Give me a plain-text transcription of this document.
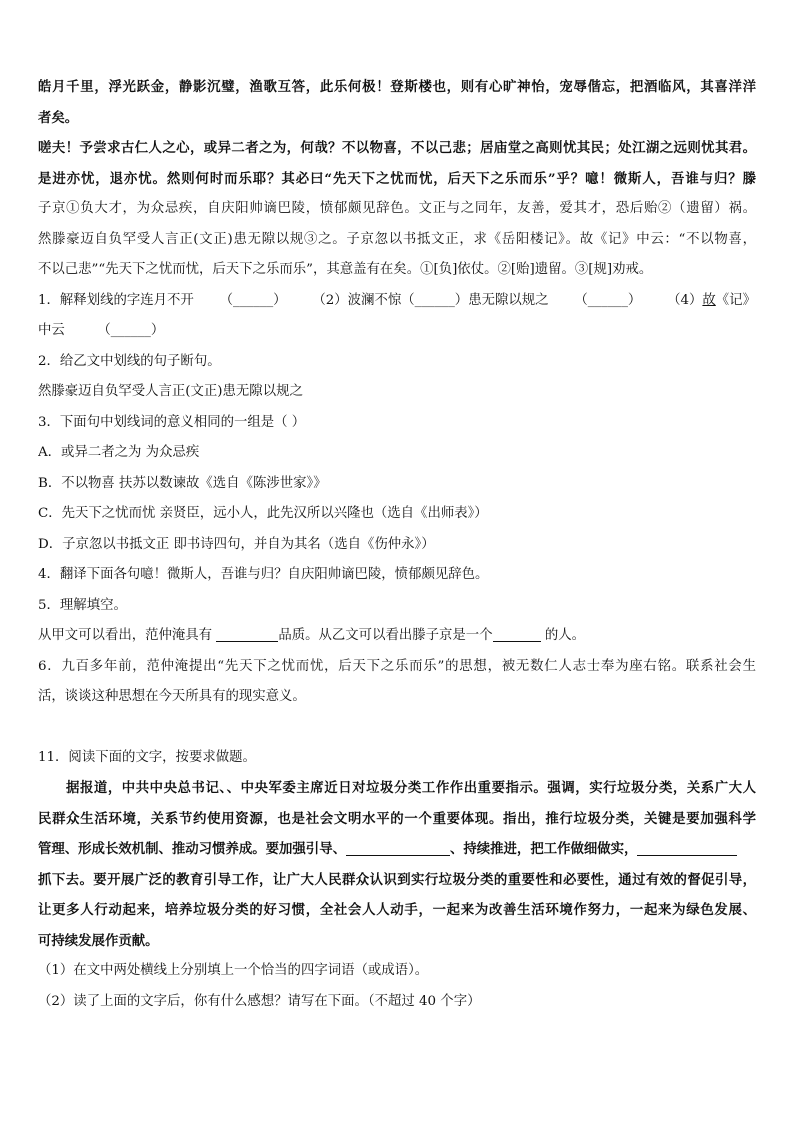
皓月千里，浮光跃金，静影沉璧，渔歌互答，此乐何极！登斯楼也，则有心旷神怡，宠辱偕忘，把酒临风，其喜洋洋
者矣。
嗟夫！予尝求古仁人之心，或异二者之为，何哉？不以物喜，不以己悲；居庙堂之高则忧其民；处江湖之远则忧其君。
是进亦忧，退亦忧。然则何时而乐耶？其必曰“先天下之忧而忧，后天下之乐而乐”乎？噫！微斯人，吾谁与归？滕
子京①负大才，为众忌疾，自庆阳帅谪巴陵，愤郁颇见辞色。文正与之同年，友善，爱其才，恐后贻②（遗留）祸。
然滕豪迈自负罕受人言正(文正)患无隙以规③之。子京忽以书抵文正，求《岳阳楼记》。故《记》中云：“不以物喜，
不以己悲”“先天下之忧而忧，后天下之乐而乐”，其意盖有在矣。①[负]依仗。②[贻]遗留。③[规]劝戒。
1．解释划线的字连月不开 （______） （2）波澜不惊（______）患无隙以规之 （______） （4）故《记》
中云 （______）
2．给乙文中划线的句子断句。
然滕豪迈自负罕受人言正(文正)患无隙以规之
3．下面句中划线词的意义相同的一组是（ ）
A．或异二者之为 为众忌疾
B．不以物喜 扶苏以数谏故《选自《陈涉世家》》
C．先天下之忧而忧 亲贤臣，远小人，此先汉所以兴隆也（选自《出师表》）
D．子京忽以书抵文正 即书诗四句，并自为其名（选自《伤仲永》）
4．翻译下面各句噫！微斯人，吾谁与归？自庆阳帅谪巴陵，愤郁颇见辞色。
5．理解填空。
从甲文可以看出，范仲淹具有	品质。从乙文可以看出滕子京是一个	的人。
6．九百多年前，范仲淹提出“先天下之忧而忧，后天下之乐而乐”的思想，被无数仁人志士奉为座右铭。联系社会生
活，谈谈这种思想在今天所具有的现实意义。
11．阅读下面的文字，按要求做题。
据报道，中共中央总书记、、中央军委主席近日对垃圾分类工作作出重要指示。强调，实行垃圾分类，关系广大人
民群众生活环境，关系节约使用资源，也是社会文明水平的一个重要体现。指出，推行垃圾分类，关键是要加强科学
管理、形成长效机制、推动习惯养成。要加强引导、	、持续推进，把工作做细做实，
抓下去。要开展广泛的教育引导工作，让广大人民群众认识到实行垃圾分类的重要性和必要性，通过有效的督促引导，
让更多人行动起来，培养垃圾分类的好习惯，全社会人人动手，一起来为改善生活环境作努力，一起来为绿色发展、
可持续发展作贡献。
（1）在文中两处横线上分别填上一个恰当的四字词语（或成语）。
（2）读了上面的文字后，你有什么感想？请写在下面。（不超过 40 个字）
